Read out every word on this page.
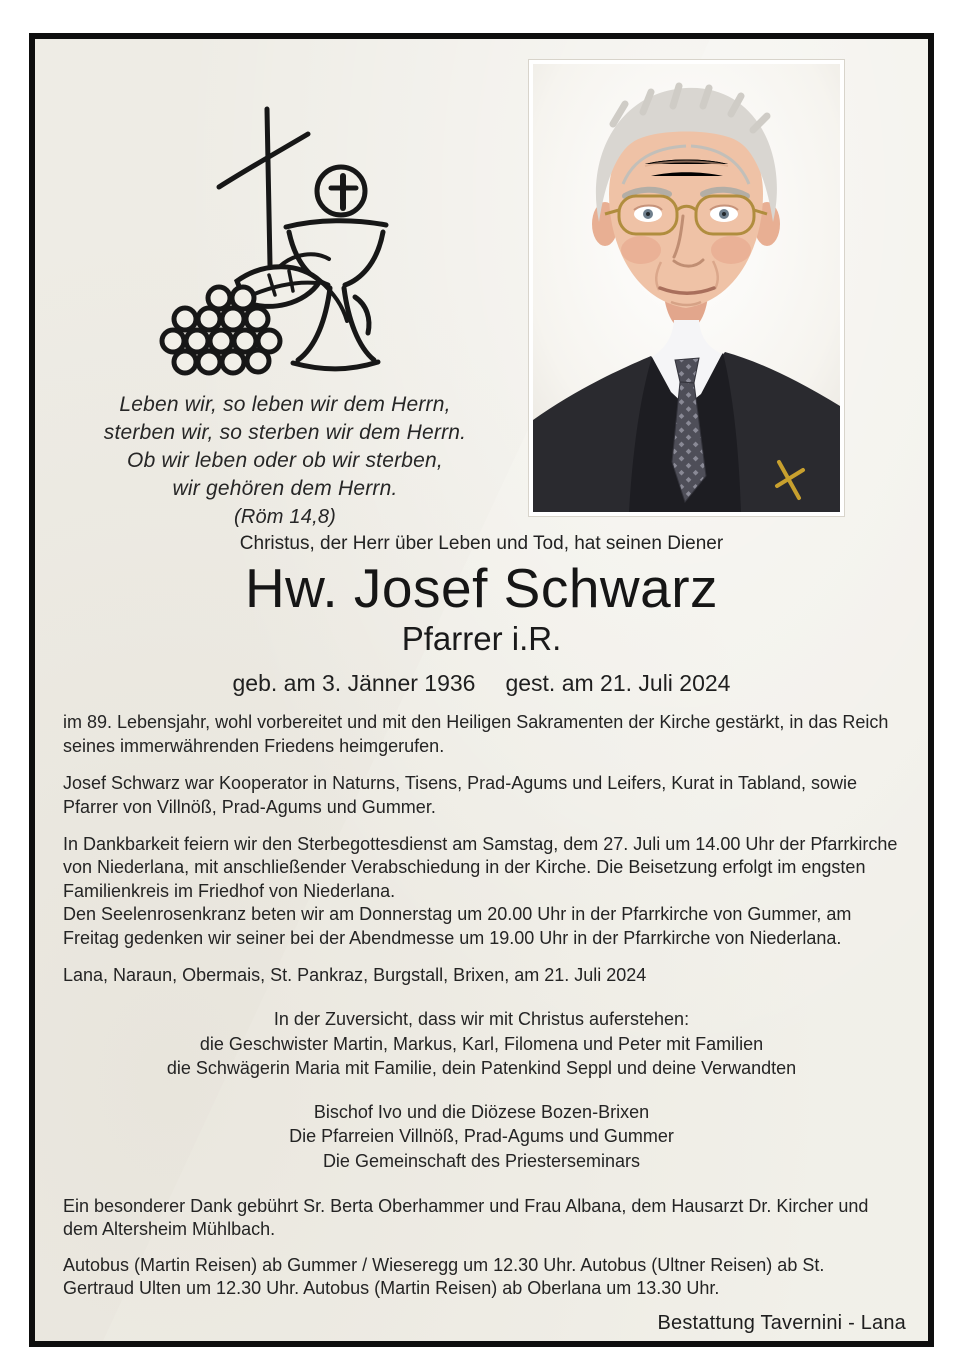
Leben wir, so leben wir dem Herrn,
sterben wir, so sterben wir dem Herrn.
Ob wir leben oder ob wir sterben,
wir gehören dem Herrn.
(Röm 14,8)

Christus, der Herr über Leben und Tod, hat seinen Diener

Hw. Josef Schwarz

Pfarrer i.R.

geb. am 3. Jänner 1936 gest. am 21. Juli 2024

im 89. Lebensjahr, wohl vorbereitet und mit den Heiligen Sakramenten der Kirche gestärkt, in das Reich seines immerwährenden Friedens heimgerufen.

Josef Schwarz war Kooperator in Naturns, Tisens, Prad-Agums und Leifers, Kurat in Tabland, sowie Pfarrer von Villnöß, Prad-Agums und Gummer.

In Dankbarkeit feiern wir den Sterbegottesdienst am Samstag, dem 27. Juli um 14.00 Uhr der Pfarrkirche von Niederlana, mit anschließender Verabschiedung in der Kirche. Die Beisetzung erfolgt im engsten Familienkreis im Friedhof von Niederlana.

Den Seelenrosenkranz beten wir am Donnerstag um 20.00 Uhr in der Pfarrkirche von Gummer, am Freitag gedenken wir seiner bei der Abendmesse um 19.00 Uhr in der Pfarrkirche von Niederlana.

Lana, Naraun, Obermais, St. Pankraz, Burgstall, Brixen, am 21. Juli 2024

In der Zuversicht, dass wir mit Christus auferstehen:
die Geschwister Martin, Markus, Karl, Filomena und Peter mit Familien
die Schwägerin Maria mit Familie, dein Patenkind Seppl und deine Verwandten
Bischof Ivo und die Diözese Bozen-Brixen
Die Pfarreien Villnöß, Prad-Agums und Gummer
Die Gemeinschaft des Priesterseminars

Ein besonderer Dank gebührt Sr. Berta Oberhammer und Frau Albana, dem Hausarzt Dr. Kircher und dem Altersheim Mühlbach.

Autobus (Martin Reisen) ab Gummer / Wieseregg um 12.30 Uhr. Autobus (Ultner Reisen) ab St. Gertraud Ulten um 12.30 Uhr. Autobus (Martin Reisen) ab Oberlana um 13.30 Uhr.

Bestattung Tavernini - Lana
